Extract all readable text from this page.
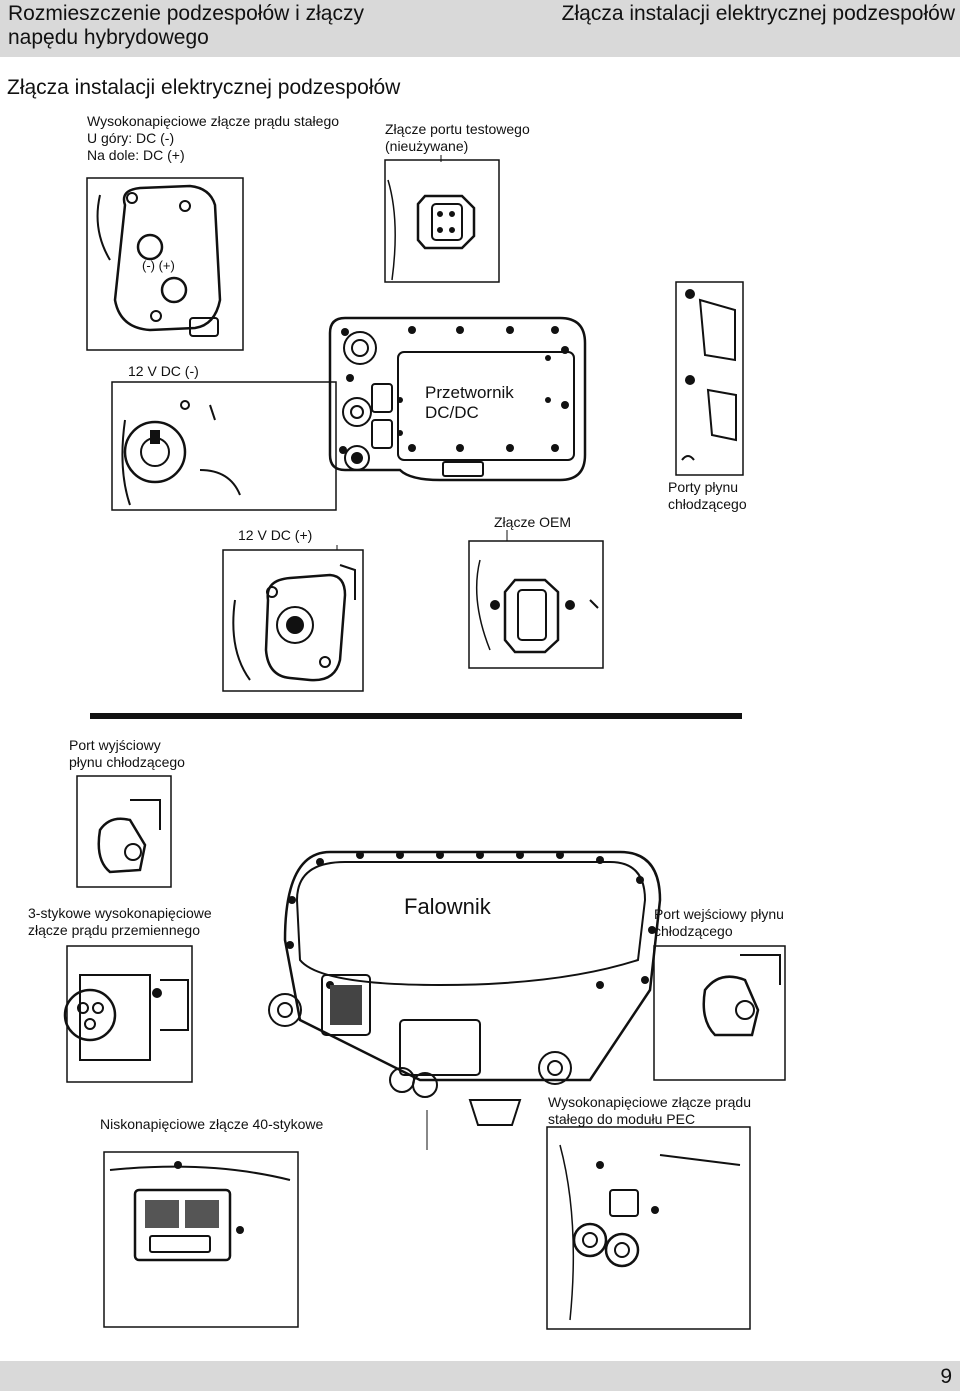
Rozmieszczenie podzespołów i złączy
napędu hybrydowego
Złącza instalacji elektrycznej podzespołów
Złącza instalacji elektrycznej podzespołów
Wysokonapięciowe złącze prądu stałego
U góry: DC (-)
Na dole: DC (+)
Złącze portu testowego
(nieużywane)
(-) (+)
12 V DC (-)
Przetwornik
DC/DC
12 V DC (+)
Złącze OEM
Porty płynu
chłodzącego
Port wyjściowy
płynu chłodzącego
3-stykowe wysokonapięciowe
złącze prądu przemiennego
Falownik	Port wejściowy płynu
chłodzącego
Niskonapięciowe złącze 40-stykowe
Wysokonapięciowe złącze prądu
stałego do modułu PEC
9
